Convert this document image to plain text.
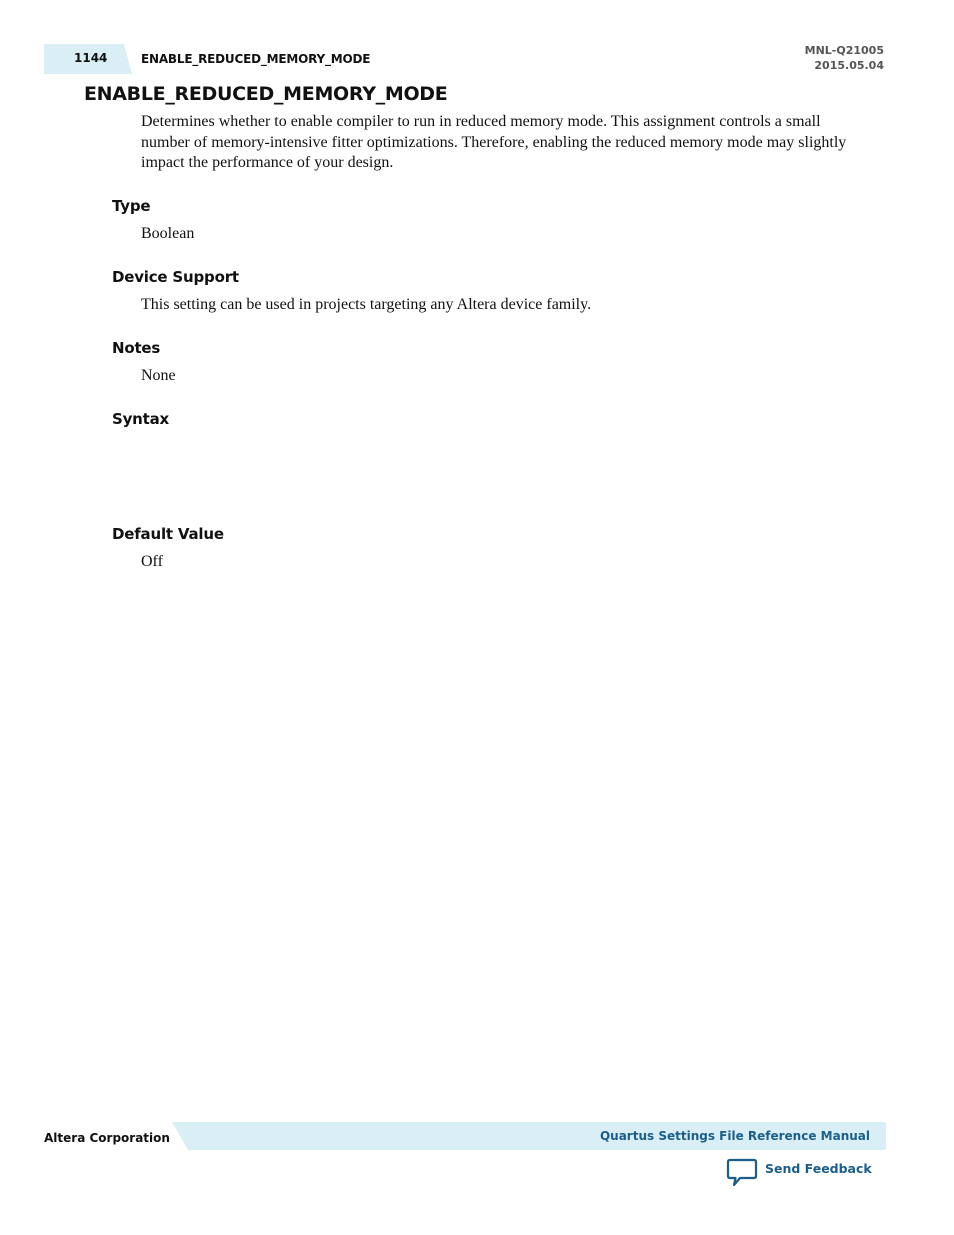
1144	ENABLE_REDUCED_MEMORY_MODE
MNL-Q21005
2015.05.04
ENABLE_REDUCED_MEMORY_MODE
Determines whether to enable compiler to run in reduced memory mode. This assignment controls a small number of memory-intensive fitter optimizations. Therefore, enabling the reduced memory mode may slightly impact the performance of your design.
Type
Boolean
Device Support
This setting can be used in projects targeting any Altera device family.
Notes
None
Syntax
Default Value
Off
Altera Corporation	Quartus Settings File Reference Manual
Send Feedback
